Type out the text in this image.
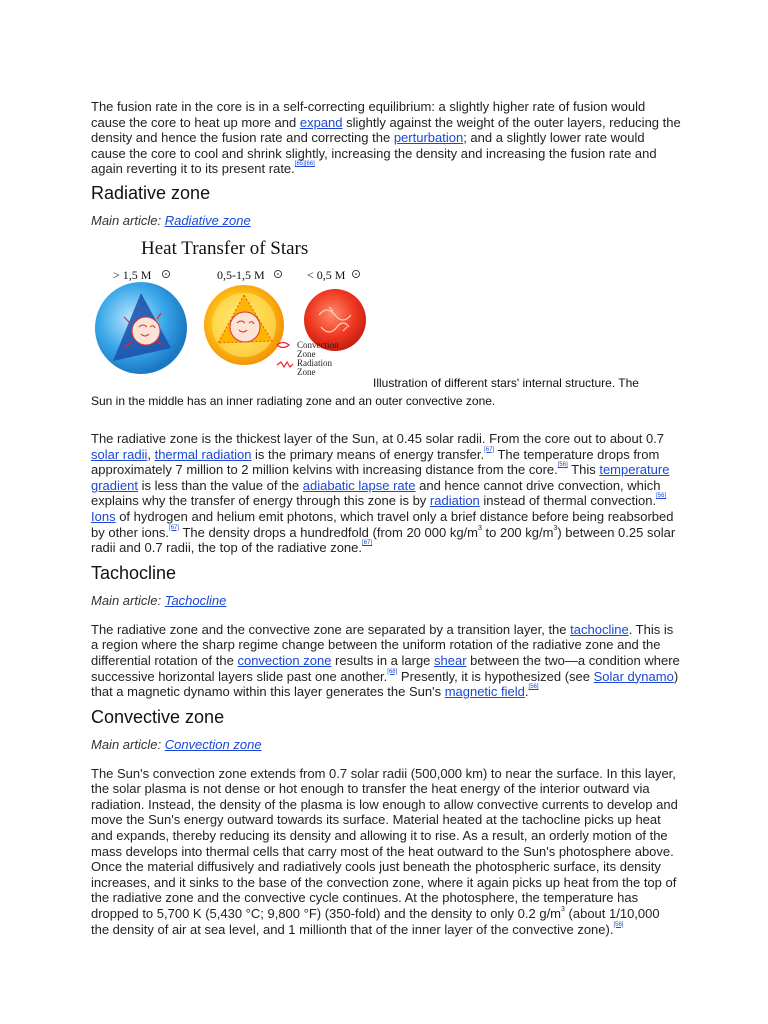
The fusion rate in the core is in a self-correcting equilibrium: a slightly higher rate of fusion would cause the core to heat up more and expand slightly against the weight of the outer layers, reducing the density and hence the fusion rate and correcting the perturbation; and a slightly lower rate would cause the core to cool and shrink slightly, increasing the density and increasing the fusion rate and again reverting it to its present rate.[65][66]

Radiative zone

Main article: Radiative zone

Heat Transfer of Stars
> 1,5 M	0,5-1,5 M	< 0,5 M
Convection
Zone
Radiation
Zone
Illustration of different stars' internal structure. The
Sun in the middle has an inner radiating zone and an outer convective zone.

The radiative zone is the thickest layer of the Sun, at 0.45 solar radii. From the core out to about 0.7 solar radii, thermal radiation is the primary means of energy transfer.[67] The temperature drops from approximately 7 million to 2 million kelvins with increasing distance from the core.[56] This temperature gradient is less than the value of the adiabatic lapse rate and hence cannot drive convection, which explains why the transfer of energy through this zone is by radiation instead of thermal convection.[56] Ions of hydrogen and helium emit photons, which travel only a brief distance before being reabsorbed by other ions.[67] The density drops a hundredfold (from 20 000 $kg/m^3$ to 200 $kg/m^3$) between 0.25 solar radii and 0.7 radii, the top of the radiative zone.[67]

Tachocline

Main article: Tachocline

The radiative zone and the convective zone are separated by a transition layer, the tachocline. This is a region where the sharp regime change between the uniform rotation of the radiative zone and the differential rotation of the convection zone results in a large shear between the two—a condition where successive horizontal layers slide past one another.[68] Presently, it is hypothesized (see Solar dynamo) that a magnetic dynamo within this layer generates the Sun's magnetic field.[56]

Convective zone

Main article: Convection zone

The Sun's convection zone extends from 0.7 solar radii (500,000 km) to near the surface. In this layer, the solar plasma is not dense or hot enough to transfer the heat energy of the interior outward via radiation. Instead, the density of the plasma is low enough to allow convective currents to develop and move the Sun's energy outward towards its surface. Material heated at the tachocline picks up heat and expands, thereby reducing its density and allowing it to rise. As a result, an orderly motion of the mass develops into thermal cells that carry most of the heat outward to the Sun's photosphere above. Once the material diffusively and radiatively cools just beneath the photospheric surface, its density increases, and it sinks to the base of the convection zone, where it again picks up heat from the top of the radiative zone and the convective cycle continues. At the photosphere, the temperature has dropped to 5,700 K (5,430 °C; 9,800 °F) (350-fold) and the density to only 0.2 $g/m^3$ (about 1/10,000 the density of air at sea level, and 1 millionth that of the inner layer of the convective zone).[56]
